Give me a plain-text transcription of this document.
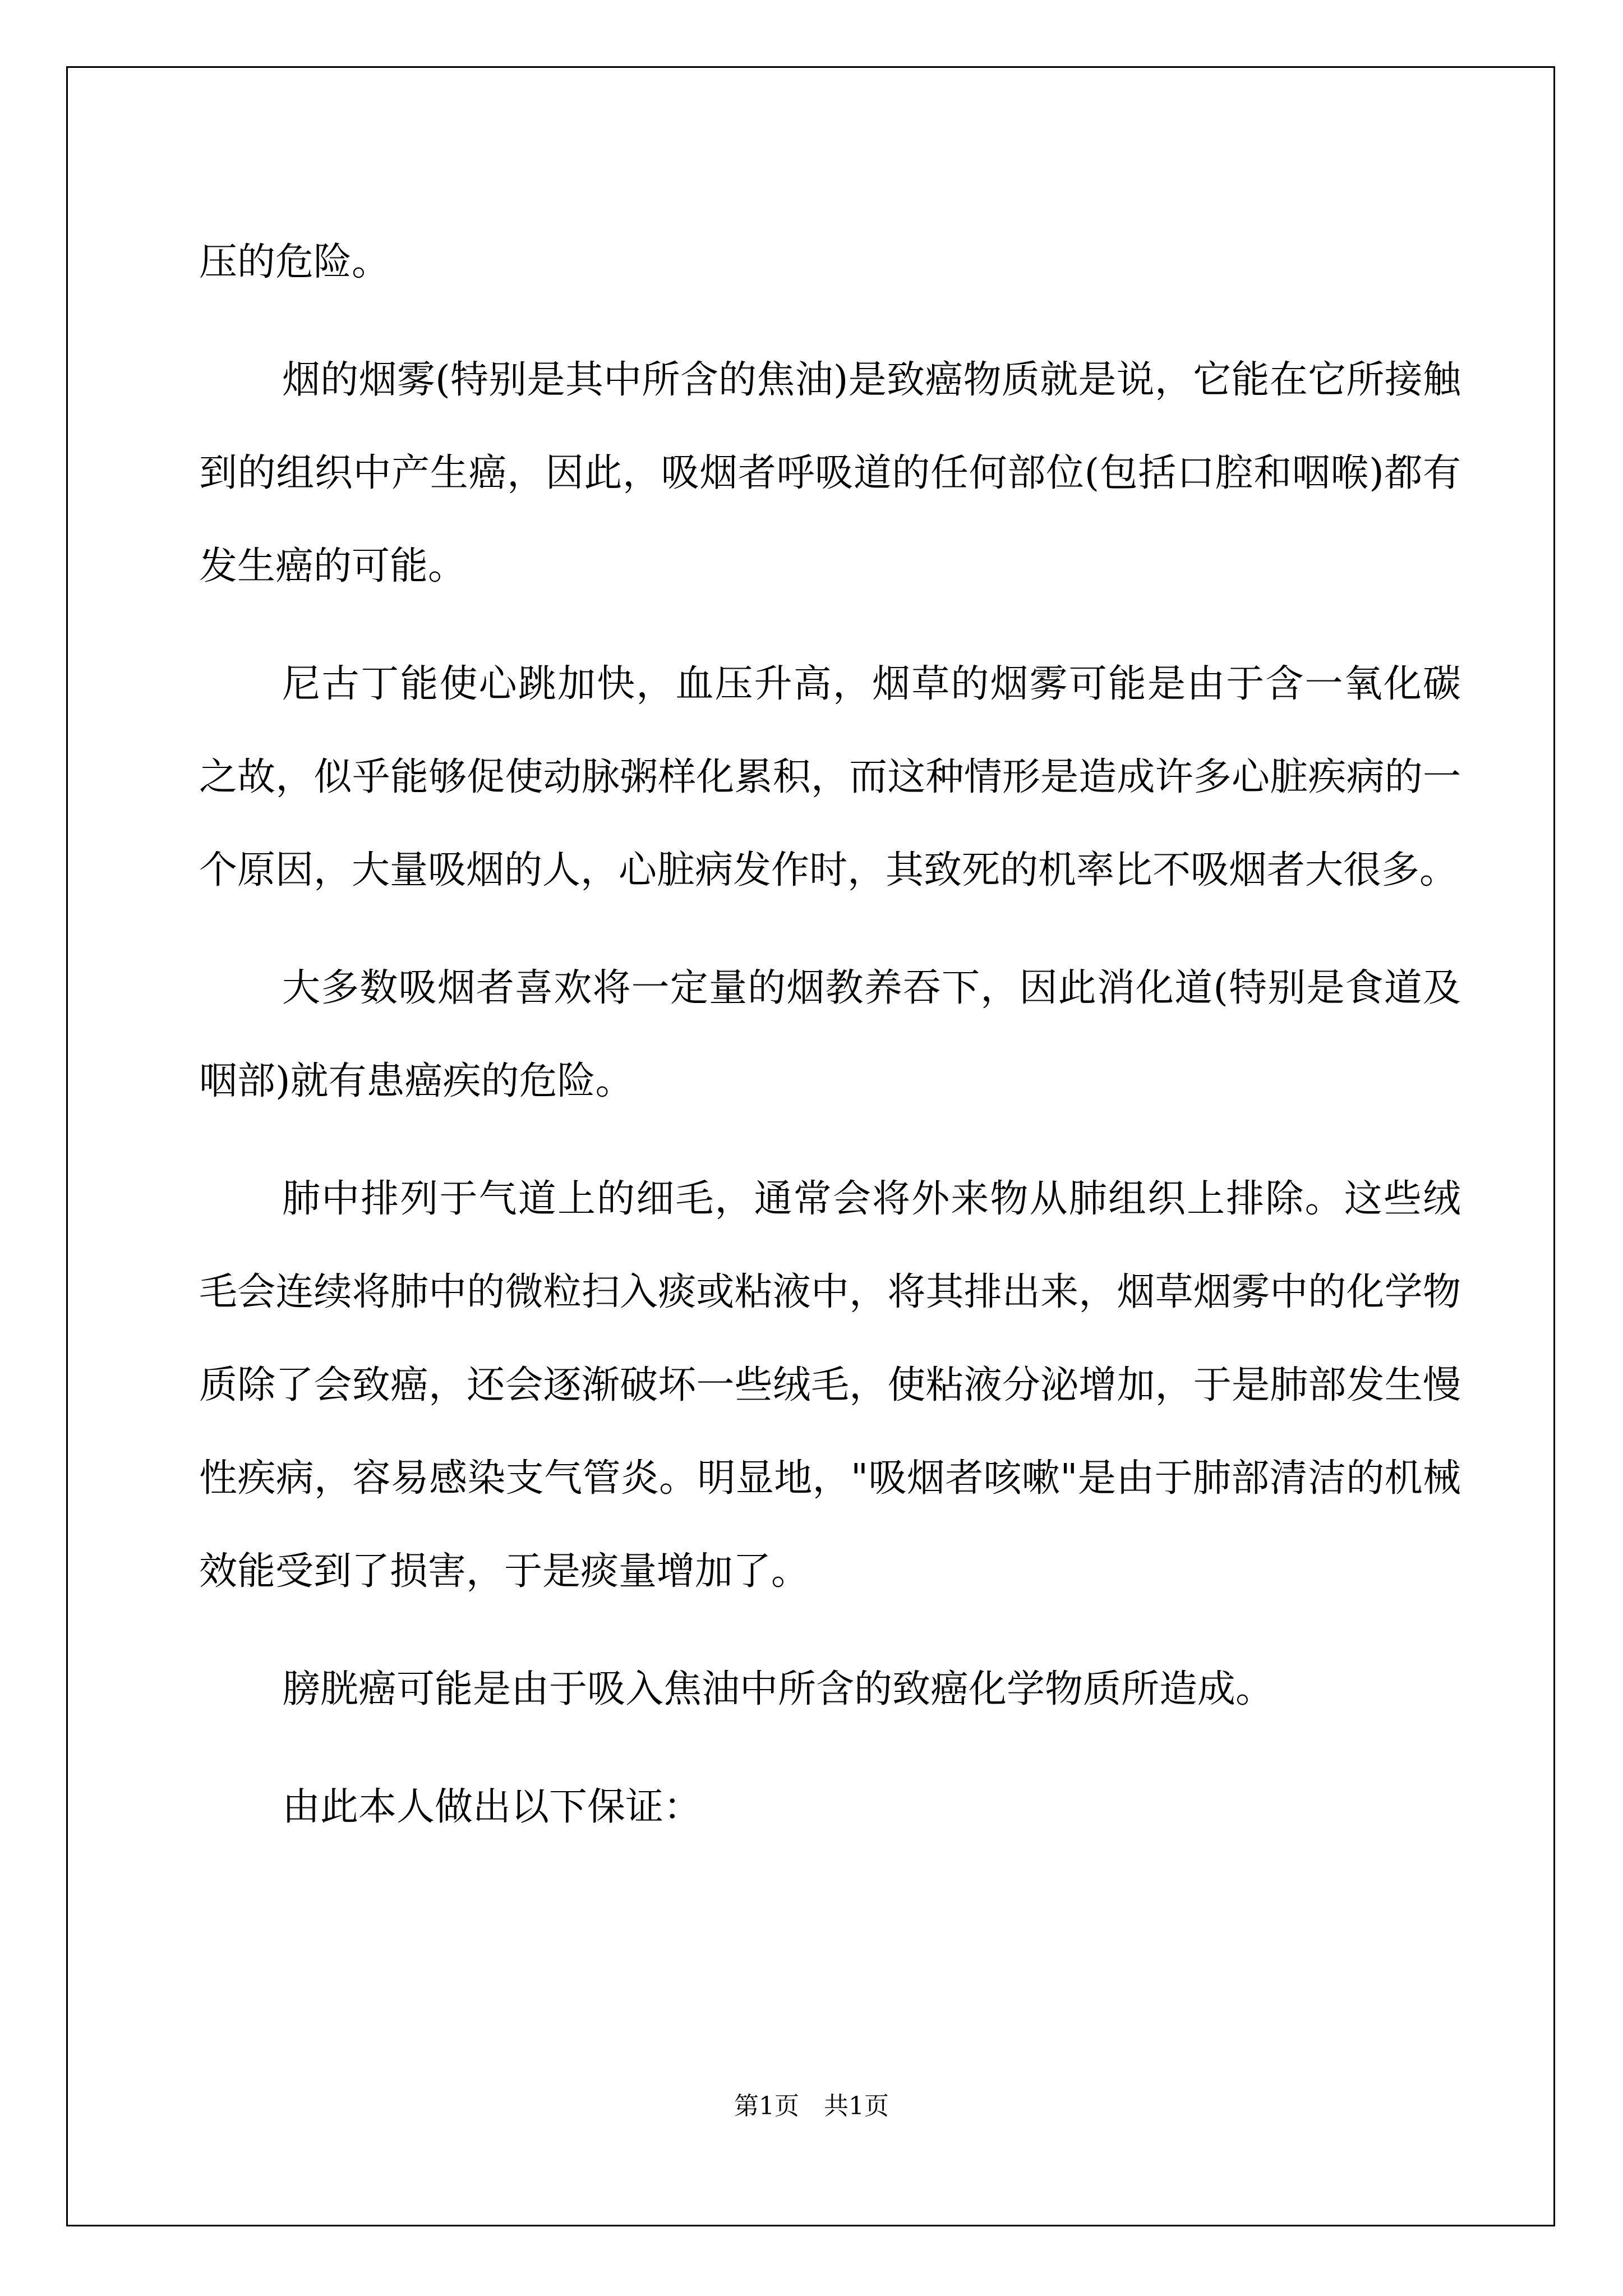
压的危险。

烟的烟雾(特别是其中所含的焦油)是致癌物质就是说，它能在它所接触到的组织中产生癌，因此，吸烟者呼吸道的任何部位(包括口腔和咽喉)都有发生癌的可能。

尼古丁能使心跳加快，血压升高，烟草的烟雾可能是由于含一氧化碳之故，似乎能够促使动脉粥样化累积，而这种情形是造成许多心脏疾病的一个原因，大量吸烟的人，心脏病发作时，其致死的机率比不吸烟者大很多。

大多数吸烟者喜欢将一定量的烟教养吞下，因此消化道(特别是食道及咽部)就有患癌疾的危险。

肺中排列于气道上的细毛，通常会将外来物从肺组织上排除。这些绒毛会连续将肺中的微粒扫入痰或粘液中，将其排出来，烟草烟雾中的化学物质除了会致癌，还会逐渐破坏一些绒毛，使粘液分泌增加，于是肺部发生慢性疾病，容易感染支气管炎。明显地，"吸烟者咳嗽"是由于肺部清洁的机械效能受到了损害，于是痰量增加了。

膀胱癌可能是由于吸入焦油中所含的致癌化学物质所造成。

由此本人做出以下保证：

第1页　共1页
